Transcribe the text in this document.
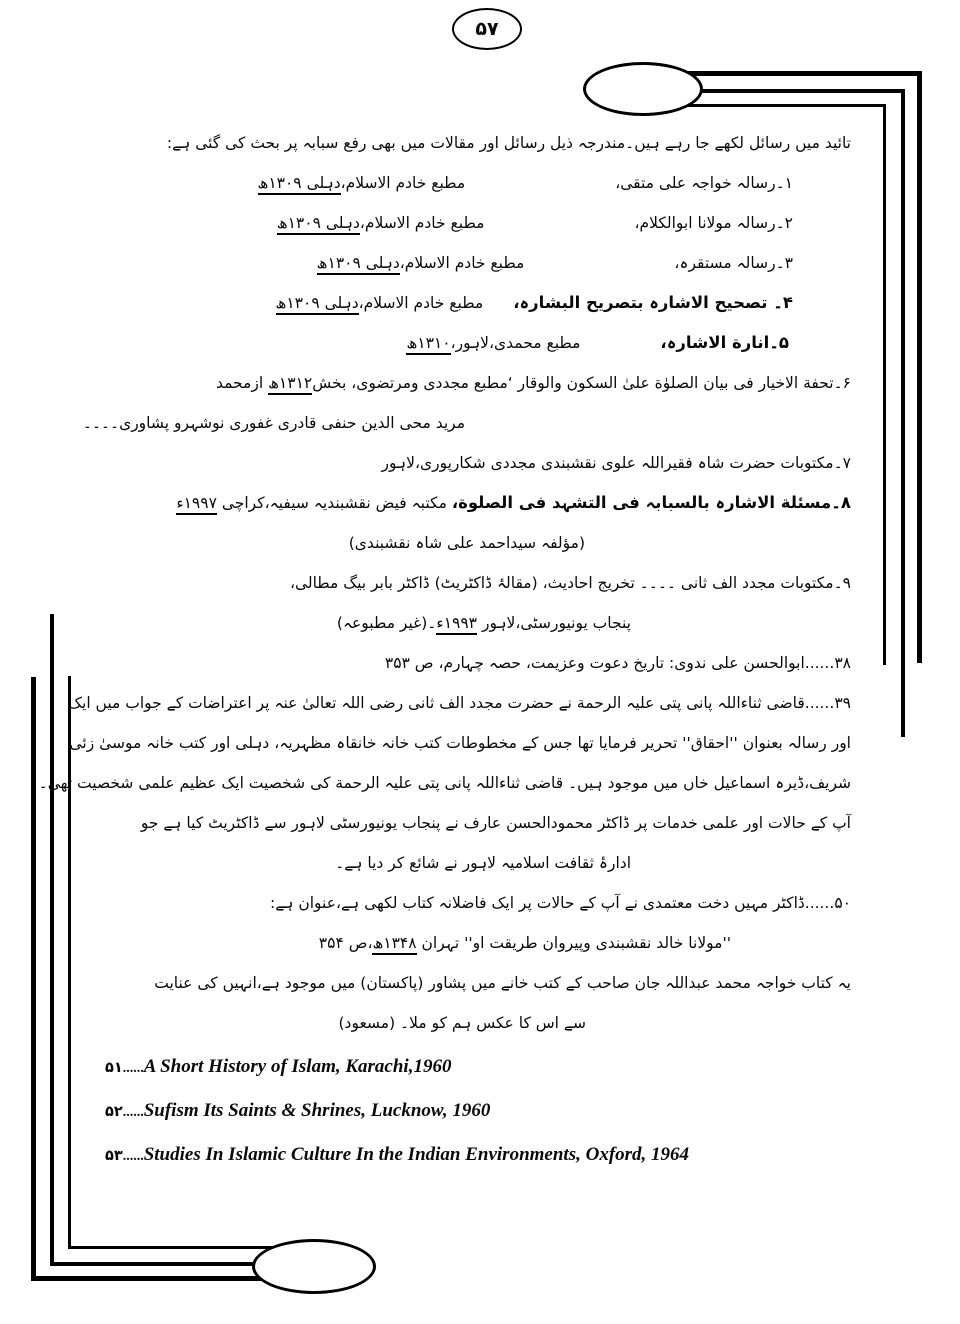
۵۷
تائید میں رسائل لکھے جا رہے ہیں۔مندرجہ ذیل رسائل اور مقالات میں بھی رفع سبابہ پر بحث کی گئی ہے:
۱۔رسالہ خواجہ علی متقی،
مطبع خادم الاسلام،دہلی ۱۳۰۹ھ
۲۔رسالہ مولانا ابوالکلام،
مطبع خادم الاسلام،دہلی ۱۳۰۹ھ
۳۔رسالہ مستقرہ،
مطبع خادم الاسلام،دہلی ۱۳۰۹ھ
۴۔ تصحیح الاشارہ بتصریح البشارہ،
مطبع خادم الاسلام،دہلی ۱۳۰۹ھ
۵۔انارة الاشارہ،
مطبع محمدی،لاہور،۱۳۱۰ھ
۶۔تحفة الاخیار فی بیان الصلوٰة علیٰ السکون والوقار ‘مطبع مجددی ومرتضوی، بخش۱۳۱۲ھ ازمحمد
مرید محی الدین حنفی قادری غفوری نوشہرو پشاوری۔۔۔۔
۷۔مکتوبات حضرت شاہ فقیراللہ علوی نقشبندی مجددی شکارپوری،لاہور
۸۔مسئلة الاشارہ بالسبابہ فی التشہد فی الصلوة، مکتبہ فیض نقشبندیہ سیفیہ،کراچی ۱۹۹۷ء
(مؤلفہ سیداحمد علی شاہ نقشبندی)
۹۔مکتوبات مجدد الف ثانی ۔۔۔۔ تخریج احادیث، (مقالۂ ڈاکٹریٹ) ڈاکٹر بابر بیگ مطالی،
پنجاب یونیورسٹی،لاہور ۱۹۹۳ء۔(غیر مطبوعہ)
۳۸......ابوالحسن علی ندوی: تاریخ دعوت وعزیمت، حصہ چہارم، ص ۳۵۳
۳۹......قاضی ثناءاللہ پانی پتی علیہ الرحمة نے حضرت مجدد الف ثانی رضی اللہ تعالیٰ عنہ پر اعتراضات کے جواب میں ایک
اور رسالہ بعنوان ''احقاق'' تحریر فرمایا تھا جس کے مخطوطات کتب خانہ خانقاہ مظہریہ، دہلی اور کتب خانہ موسیٰ زئی
شریف،ڈیرہ اسماعیل خاں میں موجود ہیں۔ قاضی ثناءاللہ پانی پتی علیہ الرحمة کی شخصیت ایک عظیم علمی شخصیت تھی۔
آپ کے حالات اور علمی خدمات پر ڈاکٹر محمودالحسن عارف نے پنجاب یونیورسٹی لاہور سے ڈاکٹریٹ کیا ہے جو
ادارۂ ثقافت اسلامیہ لاہور نے شائع کر دیا ہے۔
۵۰......ڈاکٹر مہیں دخت معتمدی نے آپ کے حالات پر ایک فاضلانہ کتاب لکھی ہے،عنوان ہے:
''مولانا خالد نقشبندی وپیروان طریقت او'' تہران ۱۳۴۸ھ،ص ۳۵۴
یہ کتاب خواجہ محمد عبداللہ جان صاحب کے کتب خانے میں پشاور (پاکستان) میں موجود ہے،انہیں کی عنایت
سے اس کا عکس ہم کو ملا۔ (مسعود)
۵۱......A Short History of Islam, Karachi,1960
۵۲......Sufism Its Saints & Shrines, Lucknow, 1960
۵۳......Studies In Islamic Culture In the Indian Environments, Oxford, 1964
